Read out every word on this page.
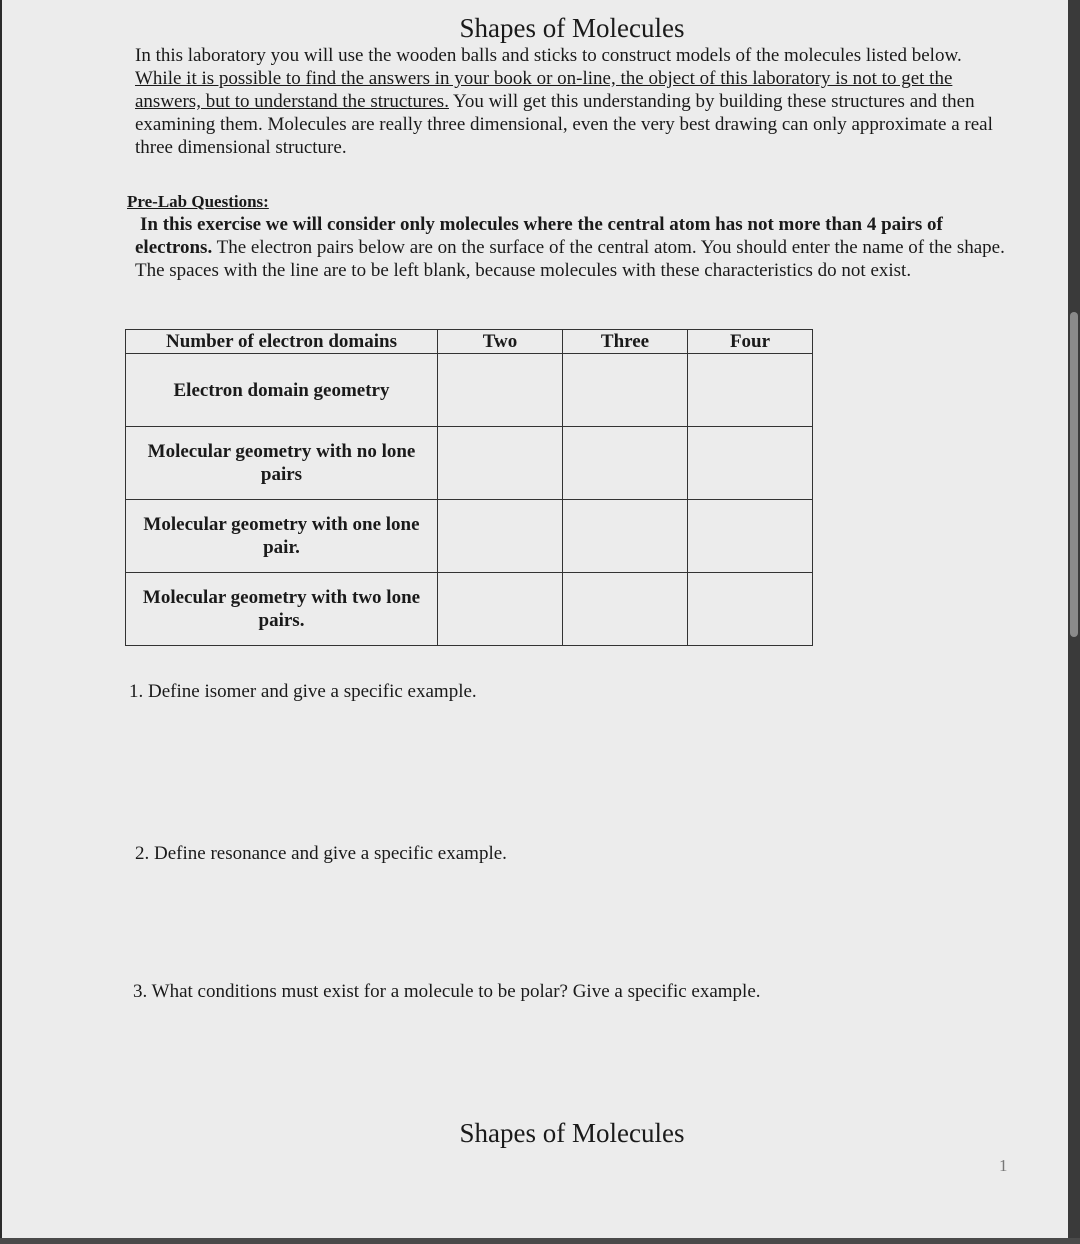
Shapes of Molecules
In this laboratory you will use the wooden balls and sticks to construct models of the molecules listed below. While it is possible to find the answers in your book or on-line, the object of this laboratory is not to get the answers, but to understand the structures. You will get this understanding by building these structures and then examining them. Molecules are really three dimensional, even the very best drawing can only approximate a real three dimensional structure.
Pre-Lab Questions:
In this exercise we will consider only molecules where the central atom has not more than 4 pairs of electrons. The electron pairs below are on the surface of the central atom. You should enter the name of the shape. The spaces with the line are to be left blank, because molecules with these characteristics do not exist.
Number of electron domains	Two	Three	Four
Electron domain geometry			
Molecular geometry with no lone pairs			
Molecular geometry with one lone pair.			
Molecular geometry with two lone pairs.			
1. Define isomer and give a specific example.
2. Define resonance and give a specific example.
3. What conditions must exist for a molecule to be polar? Give a specific example.
Shapes of Molecules
1
